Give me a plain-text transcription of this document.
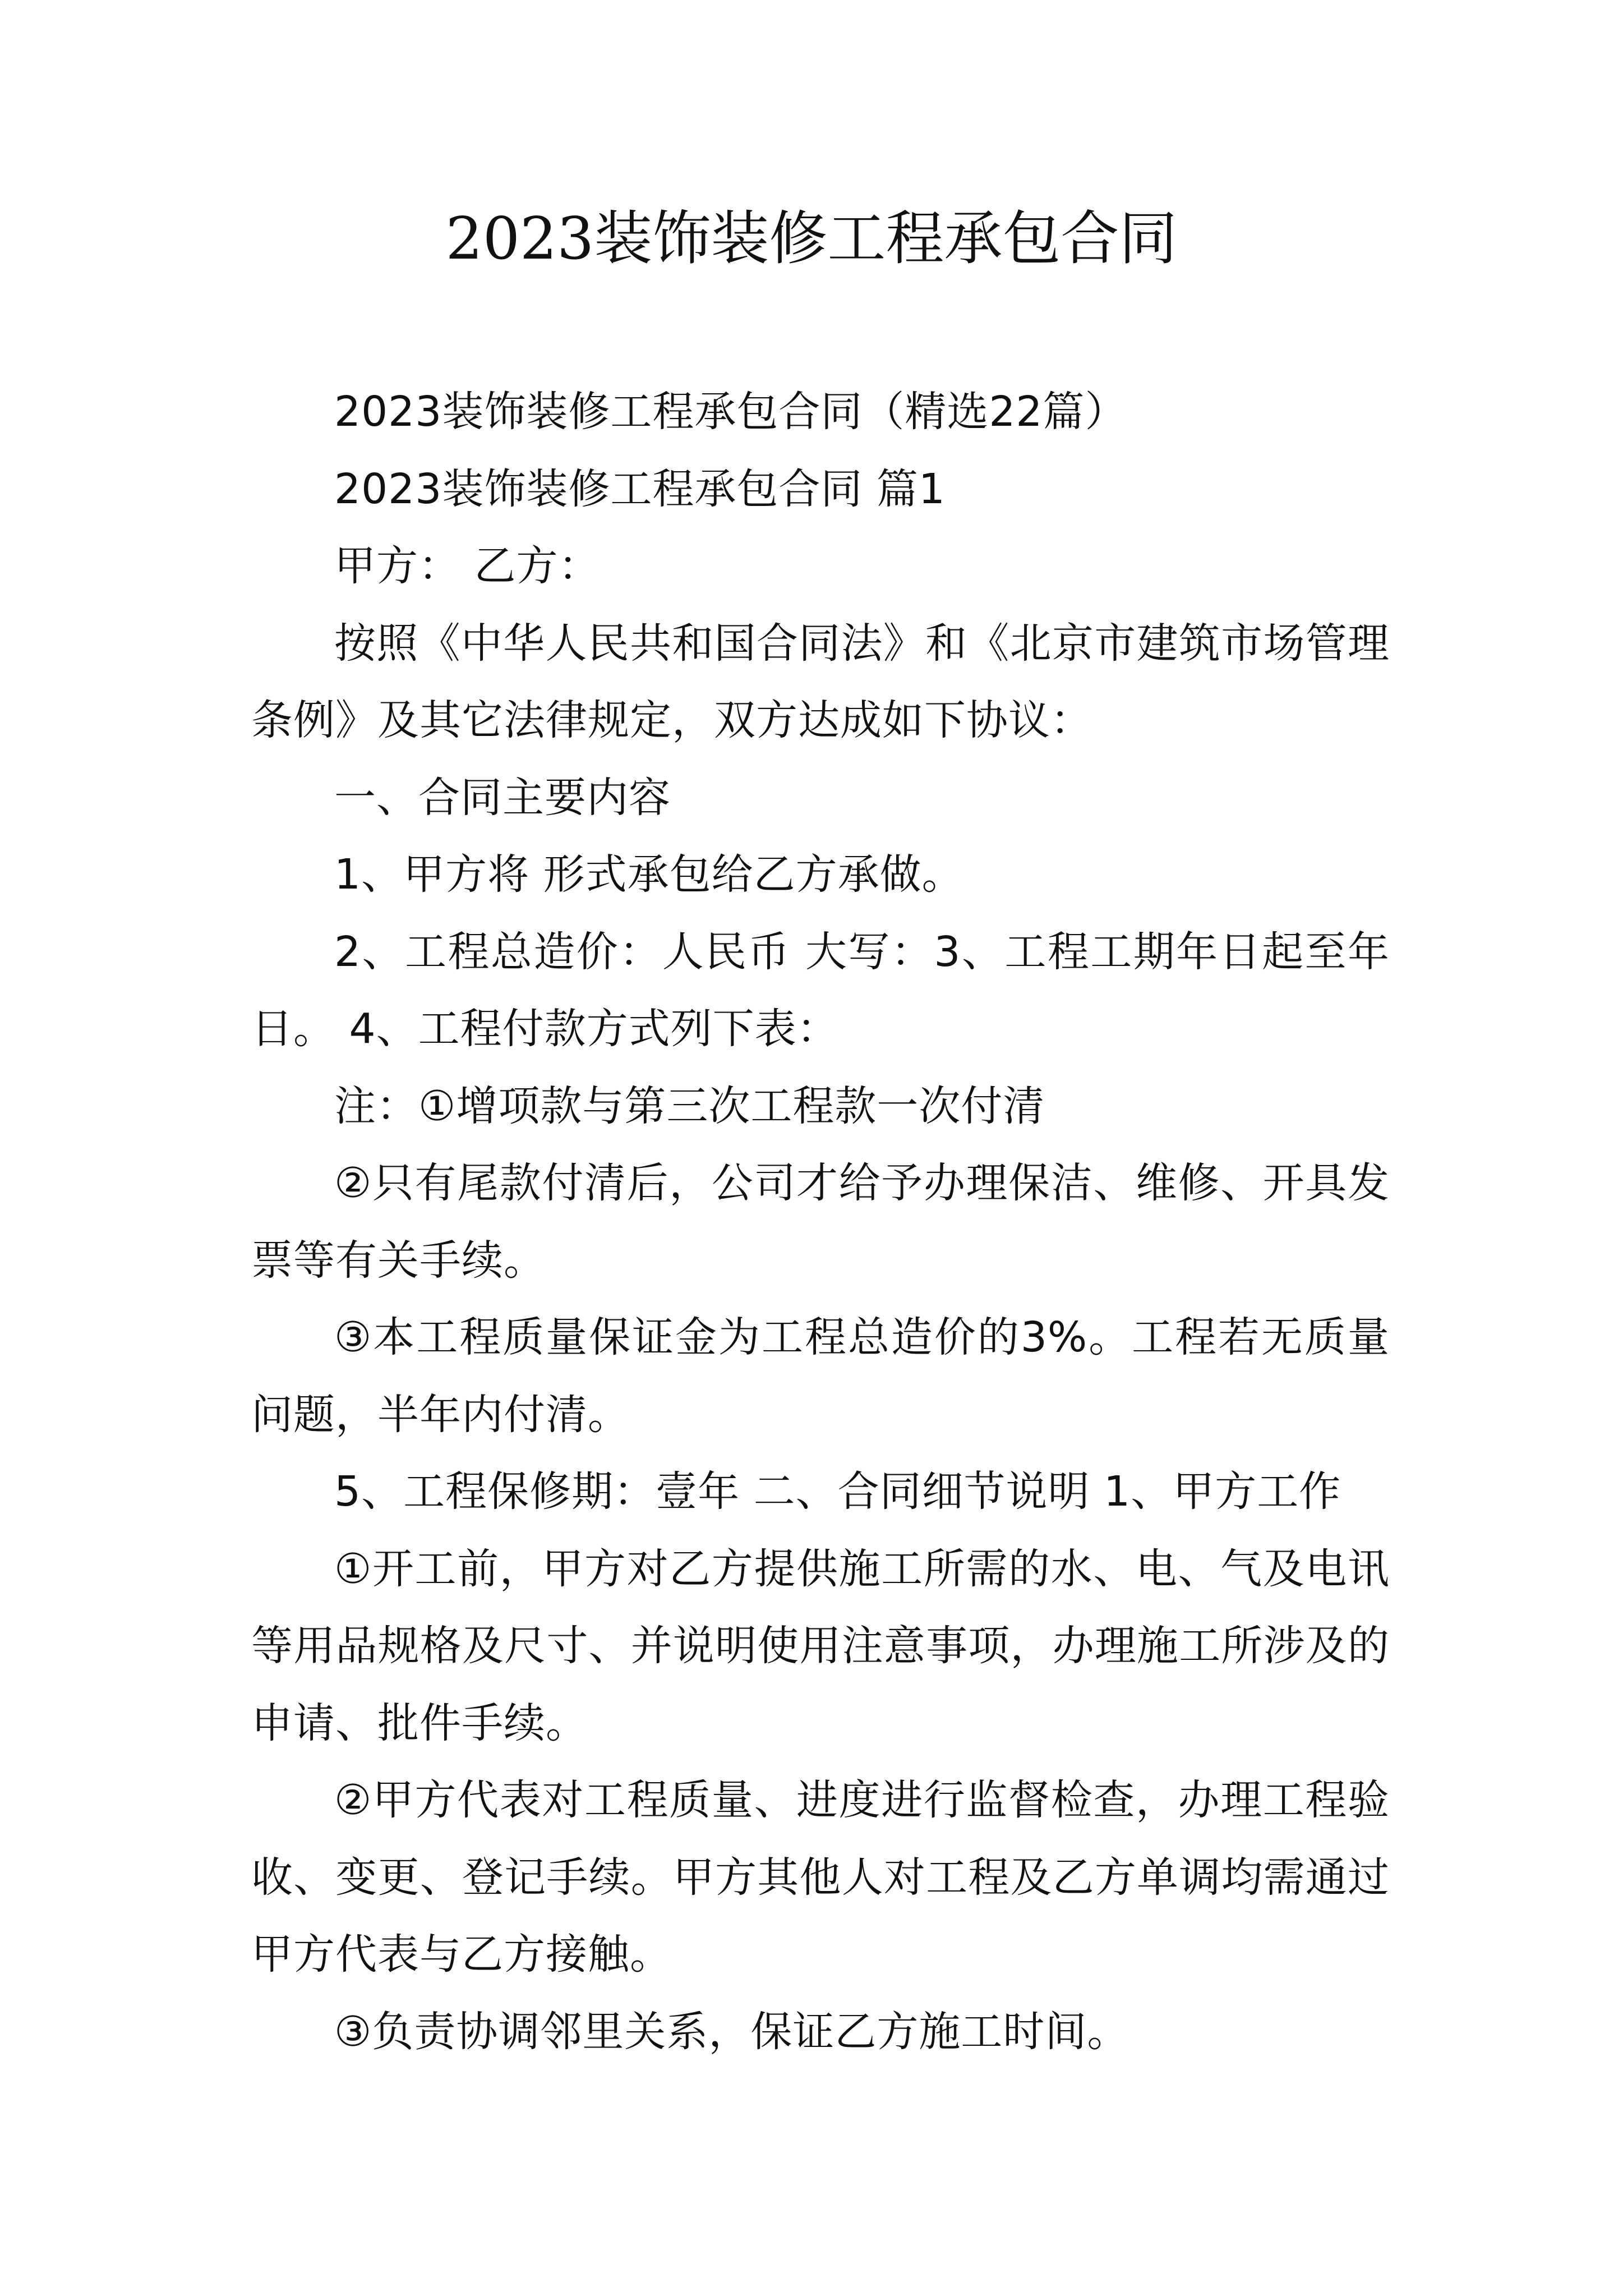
2023装饰装修工程承包合同

2023装饰装修工程承包合同（精选22篇）

2023装饰装修工程承包合同 篇1

甲方： 乙方：

按照《中华人民共和国合同法》和《北京市建筑市场管理条例》及其它法律规定，双方达成如下协议：

一、合同主要内容

1、甲方将 形式承包给乙方承做。

2、工程总造价：人民币 大写：3、工程工期年日起至年日。 4、工程付款方式列下表：

注：①增项款与第三次工程款一次付清

②只有尾款付清后，公司才给予办理保洁、维修、开具发票等有关手续。

③本工程质量保证金为工程总造价的3%。工程若无质量问题，半年内付清。

5、工程保修期：壹年 二、合同细节说明 1、甲方工作

①开工前，甲方对乙方提供施工所需的水、电、气及电讯等用品规格及尺寸、并说明使用注意事项，办理施工所涉及的申请、批件手续。

②甲方代表对工程质量、进度进行监督检查，办理工程验收、变更、登记手续。甲方其他人对工程及乙方单调均需通过甲方代表与乙方接触。

③负责协调邻里关系，保证乙方施工时间。
